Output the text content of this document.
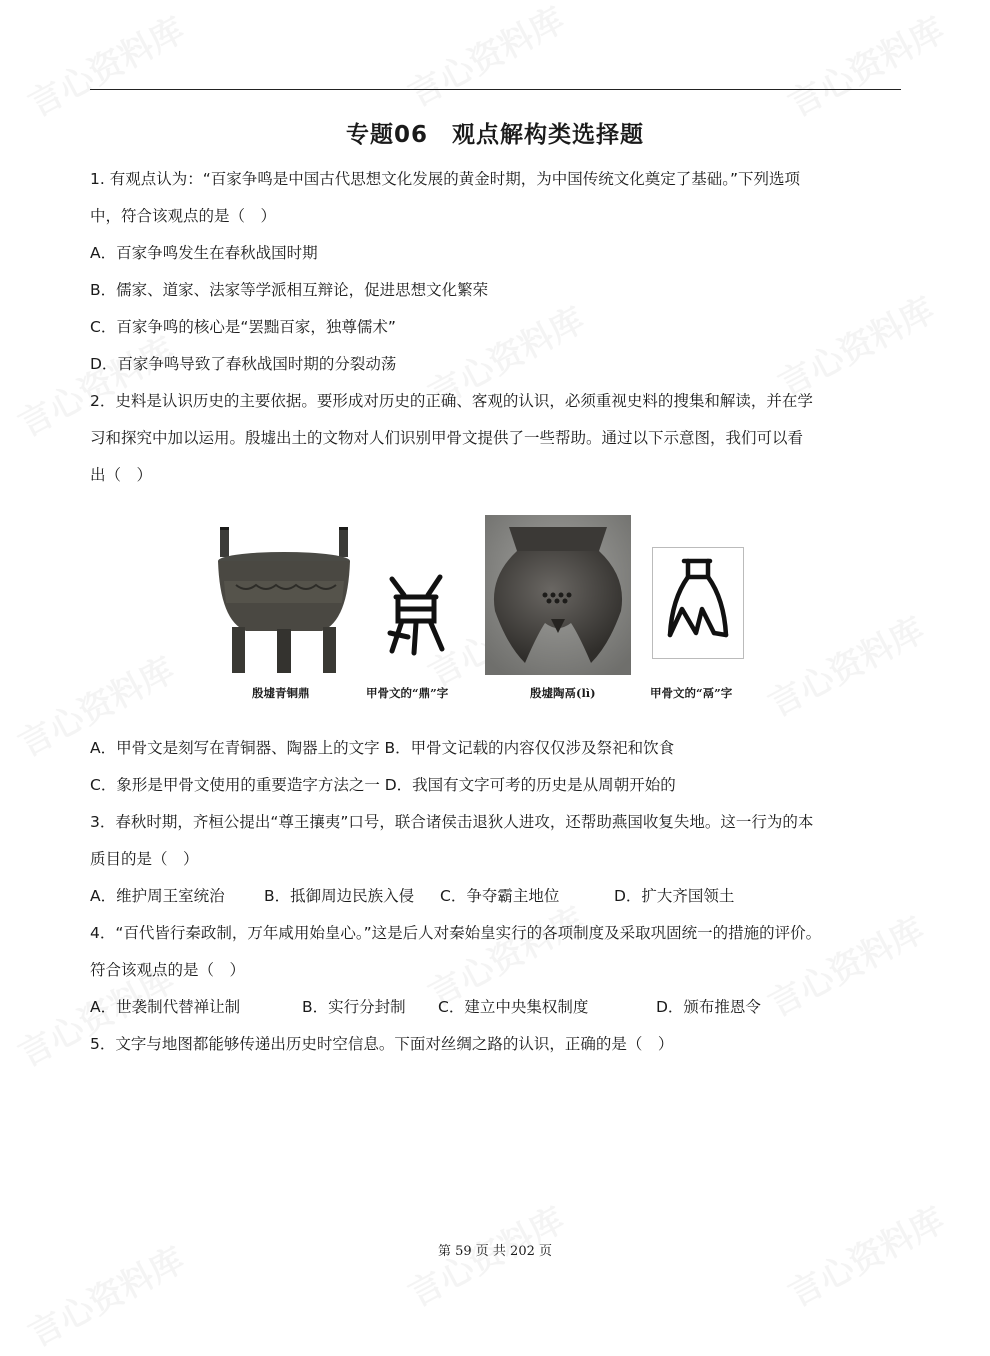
专题06　观点解构类选择题
1. 有观点认为：“百家争鸣是中国古代思想文化发展的黄金时期，为中国传统文化奠定了基础。”下列选项
中，符合该观点的是（　）
A．百家争鸣发生在春秋战国时期
B．儒家、道家、法家等学派相互辩论，促进思想文化繁荣
C．百家争鸣的核心是“罢黜百家，独尊儒术”
D．百家争鸣导致了春秋战国时期的分裂动荡
2．史料是认识历史的主要依据。要形成对历史的正确、客观的认识，必须重视史料的搜集和解读，并在学
习和探究中加以运用。殷墟出土的文物对人们识别甲骨文提供了一些帮助。通过以下示意图，我们可以看
出（　）
殷墟青铜鼎	甲骨文的“鼎”字	殷墟陶鬲(lì)	甲骨文的“鬲”字
A．甲骨文是刻写在青铜器、陶器上的文字 B．甲骨文记载的内容仅仅涉及祭祀和饮食
C．象形是甲骨文使用的重要造字方法之一 D．我国有文字可考的历史是从周朝开始的
3．春秋时期，齐桓公提出“尊王攘夷”口号，联合诸侯击退狄人进攻，还帮助燕国收复失地。这一行为的本
质目的是（　）
A．维护周王室统治	B．抵御周边民族入侵	C．争夺霸主地位	D．扩大齐国领土
4．“百代皆行秦政制，万年咸用始皇心。”这是后人对秦始皇实行的各项制度及采取巩固统一的措施的评价。
符合该观点的是（　）
A．世袭制代替禅让制	B．实行分封制	C．建立中央集权制度	D．颁布推恩令
5．文字与地图都能够传递出历史时空信息。下面对丝绸之路的认识，正确的是（　）
第 59 页 共 202 页
